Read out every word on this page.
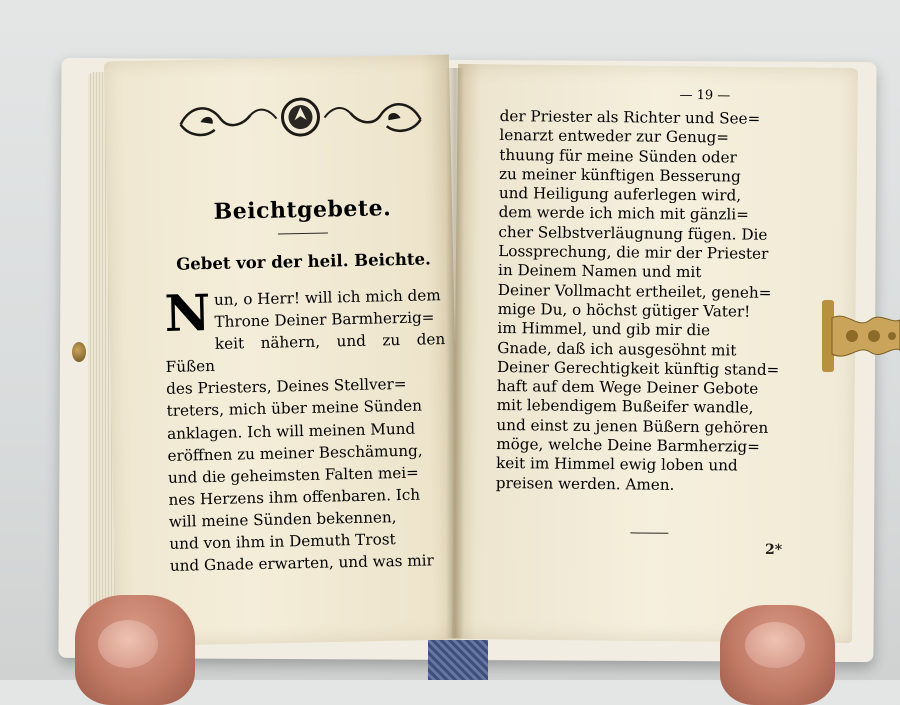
Beichtgebete.
Gebet vor der heil. Beichte.
Nun, o Herr! will ich mich dem
Throne Deiner Barmherzig=
keit nähern, und zu den Füßen
des Priesters, Deines Stellver=
treters, mich über meine Sünden
anklagen. Ich will meinen Mund
eröffnen zu meiner Beschämung,
und die geheimsten Falten mei=
nes Herzens ihm offenbaren. Ich
will meine Sünden bekennen,
und von ihm in Demuth Trost
und Gnade erwarten, und was mir
— 19 —
der Priester als Richter und See=
lenarzt entweder zur Genug=
thuung für meine Sünden oder
zu meiner künftigen Besserung
und Heiligung auferlegen wird,
dem werde ich mich mit gänzli=
cher Selbstverläugnung fügen. Die
Lossprechung, die mir der Priester
in Deinem Namen und mit
Deiner Vollmacht ertheilet, geneh=
mige Du, o höchst gütiger Vater!
im Himmel, und gib mir die
Gnade, daß ich ausgesöhnt mit
Deiner Gerechtigkeit künftig stand=
haft auf dem Wege Deiner Gebote
mit lebendigem Bußeifer wandle,
und einst zu jenen Büßern gehören
möge, welche Deine Barmherzig=
keit im Himmel ewig loben und
preisen werden. Amen.
2*
